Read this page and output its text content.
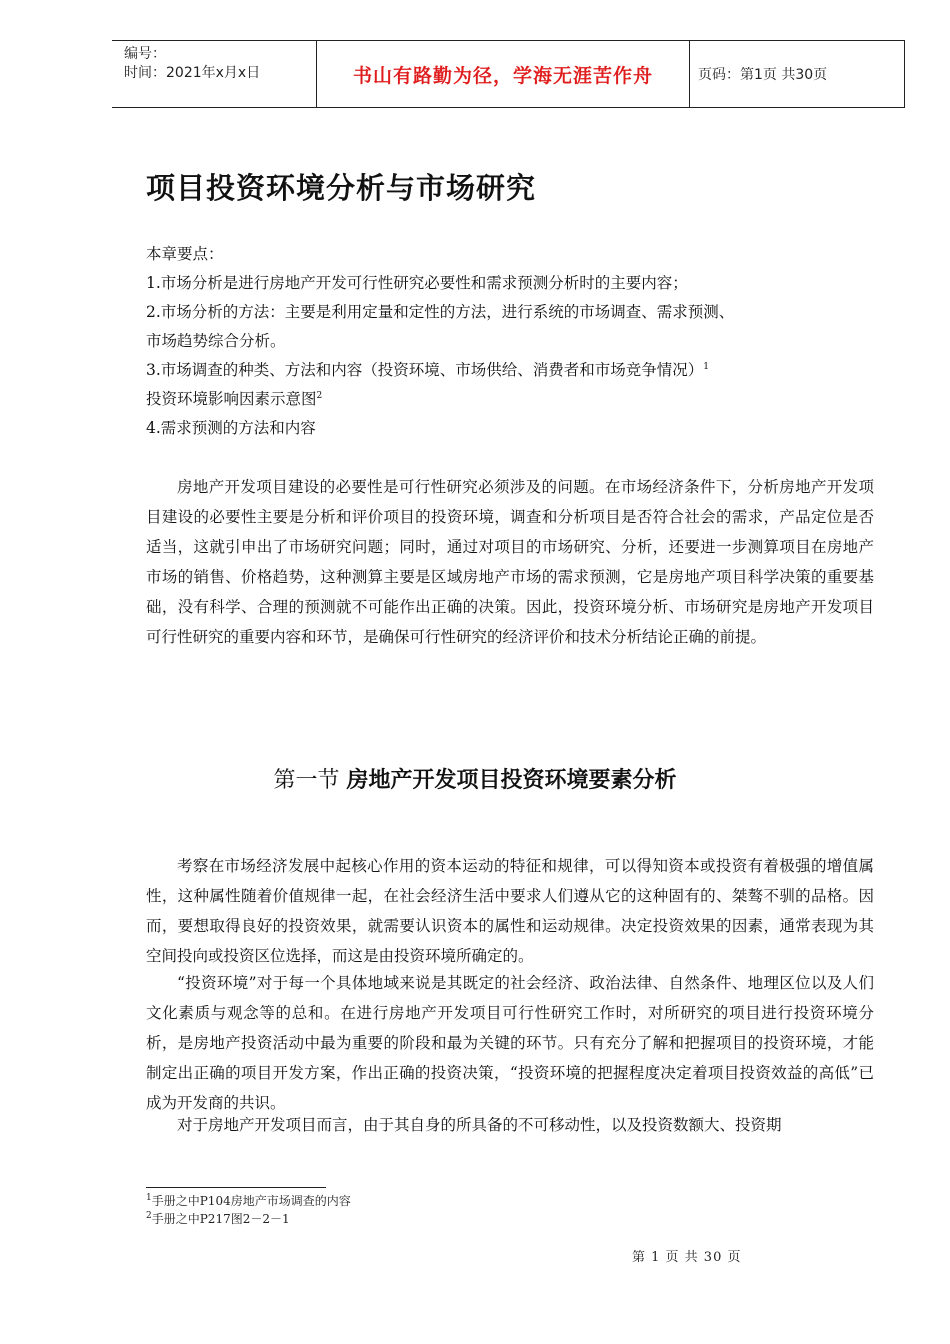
编号：
时间：2021年x月x日	书山有路勤为径，学海无涯苦作舟	页码：第1页 共30页
项目投资环境分析与市场研究
本章要点：
1.市场分析是进行房地产开发可行性研究必要性和需求预测分析时的主要内容；
2.市场分析的方法：主要是利用定量和定性的方法，进行系统的市场调查、需求预测、
市场趋势综合分析。
3.市场调查的种类、方法和内容（投资环境、市场供给、消费者和市场竞争情况）$^1$
投资环境影响因素示意图$^2$
4.需求预测的方法和内容

房地产开发项目建设的必要性是可行性研究必须涉及的问题。在市场经济条件下，分析房地产开发项目建设的必要性主要是分析和评价项目的投资环境，调查和分析项目是否符合社会的需求，产品定位是否适当，这就引申出了市场研究问题；同时，通过对项目的市场研究、分析，还要进一步测算项目在房地产市场的销售、价格趋势，这种测算主要是区域房地产市场的需求预测，它是房地产项目科学决策的重要基础，没有科学、合理的预测就不可能作出正确的决策。因此，投资环境分析、市场研究是房地产开发项目可行性研究的重要内容和环节，是确保可行性研究的经济评价和技术分析结论正确的前提。

第一节 房地产开发项目投资环境要素分析

考察在市场经济发展中起核心作用的资本运动的特征和规律，可以得知资本或投资有着极强的增值属性，这种属性随着价值规律一起，在社会经济生活中要求人们遵从它的这种固有的、桀骜不驯的品格。因而，要想取得良好的投资效果，就需要认识资本的属性和运动规律。决定投资效果的因素，通常表现为其空间投向或投资区位选择，而这是由投资环境所确定的。

“投资环境”对于每一个具体地域来说是其既定的社会经济、政治法律、自然条件、地理区位以及人们文化素质与观念等的总和。在进行房地产开发项目可行性研究工作时，对所研究的项目进行投资环境分析，是房地产投资活动中最为重要的阶段和最为关键的环节。只有充分了解和把握项目的投资环境，才能制定出正确的项目开发方案，作出正确的投资决策，“投资环境的把握程度决定着项目投资效益的高低”已成为开发商的共识。

对于房地产开发项目而言，由于其自身的所具备的不可移动性，以及投资数额大、投资期

$^1$手册之中P104房地产市场调查的内容
$^2$手册之中P217图2－2－1
第 1 页 共 30 页
